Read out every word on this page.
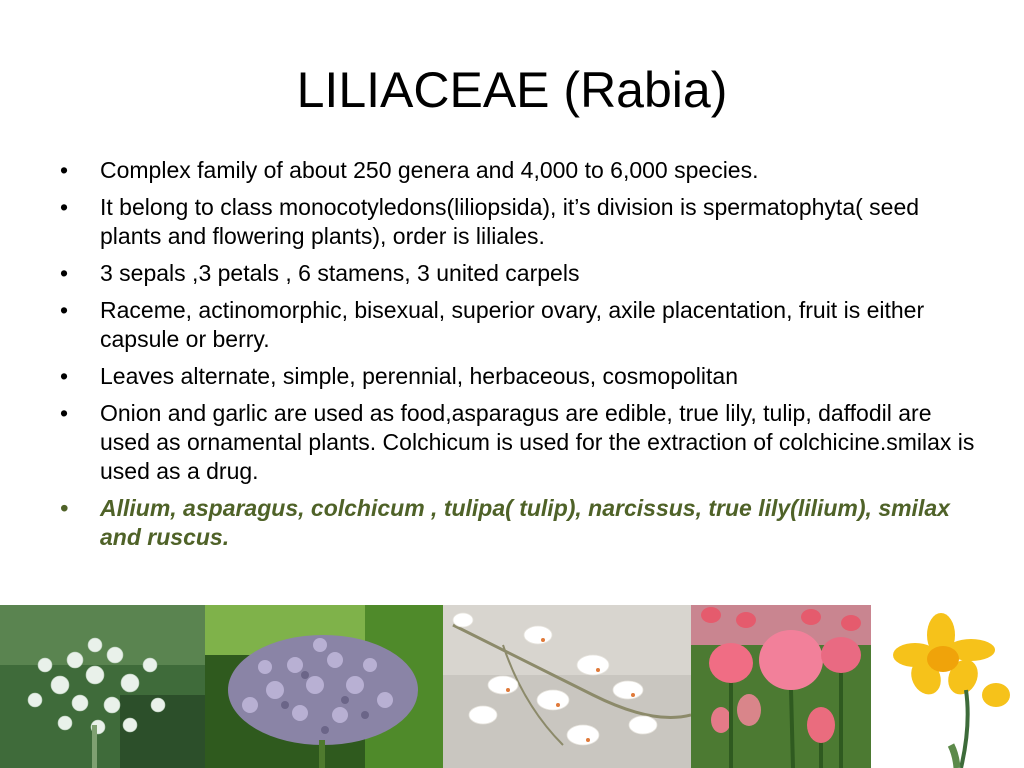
LILIACEAE (Rabia)
• Complex family of about 250 genera and 4,000 to 6,000 species.
• It belong to class monocotyledons(liliopsida), it’s division is spermatophyta( seed plants and flowering plants), order is liliales.
• 3 sepals ,3 petals , 6 stamens, 3 united carpels
• Raceme, actinomorphic, bisexual, superior ovary, axile placentation, fruit is either capsule or berry.
• Leaves alternate, simple, perennial, herbaceous, cosmopolitan
• Onion and garlic are used as food,asparagus are edible, true lily, tulip, daffodil are used as ornamental plants. Colchicum is used for the extraction of colchicine.smilax is used as a drug.
• Allium, asparagus, colchicum , tulipa( tulip), narcissus, true lily(lilium), smilax and ruscus.
